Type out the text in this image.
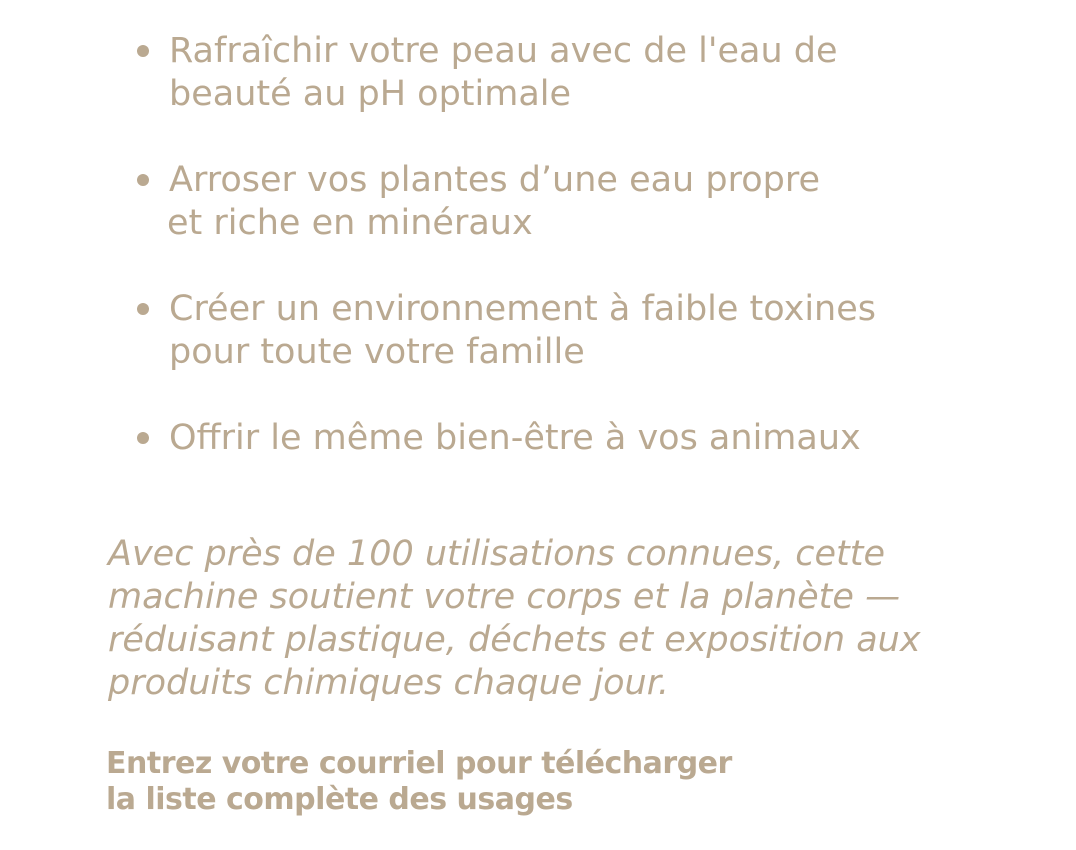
Rafraîchir votre peau avec de l'eau de
beauté au pH optimale
Arroser vos plantes d’une eau propre
et riche en minéraux
Créer un environnement à faible toxines
pour toute votre famille
Offrir le même bien-être à vos animaux

Avec près de 100 utilisations connues, cette
machine soutient votre corps et la planète —
réduisant plastique, déchets et exposition aux
produits chimiques chaque jour.

Entrez votre courriel pour télécharger
la liste complète des usages
